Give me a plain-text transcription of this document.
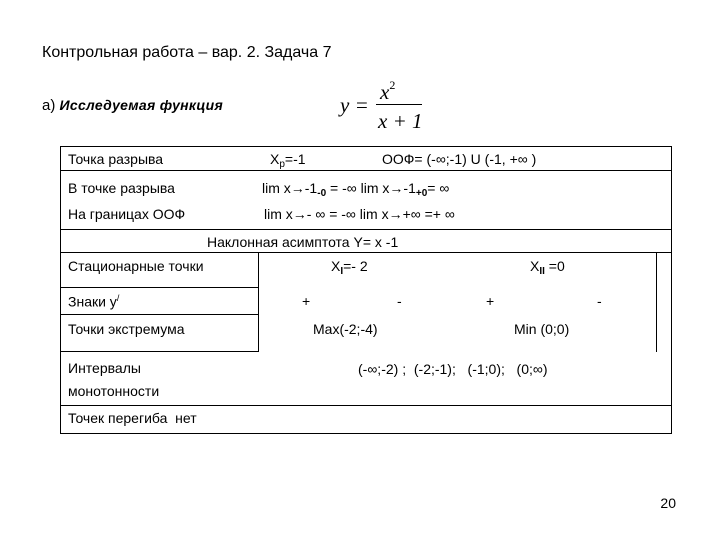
Контрольная работа – вар. 2. Задача 7
а) Исследуемая функция	y =
$x^2$
x + 1
Точка разрыва	$X_p=-1$	ООФ= (-∞;-1) U (-1, +∞ )
В точке разрыва	$\lim x\to-1_{-0}$ = -∞ $\lim x\to-1_{+0}=$ ∞
На границах ООФ	lim x→- ∞ = -∞ lim x→+∞ =+ ∞
Наклонная асимптота Y= x -1
Стационарные точки	$X_I=-$ 2	$X_{II} =0$
Знаки y/	+	-	+	-
Точки экстремума	Max(-2;-4)	Min (0;0)
Интервалы
монотонности
(-∞;-2) ;  (-2;-1);   (-1;0);   (0;∞)
Точек перегиба  нет
20
